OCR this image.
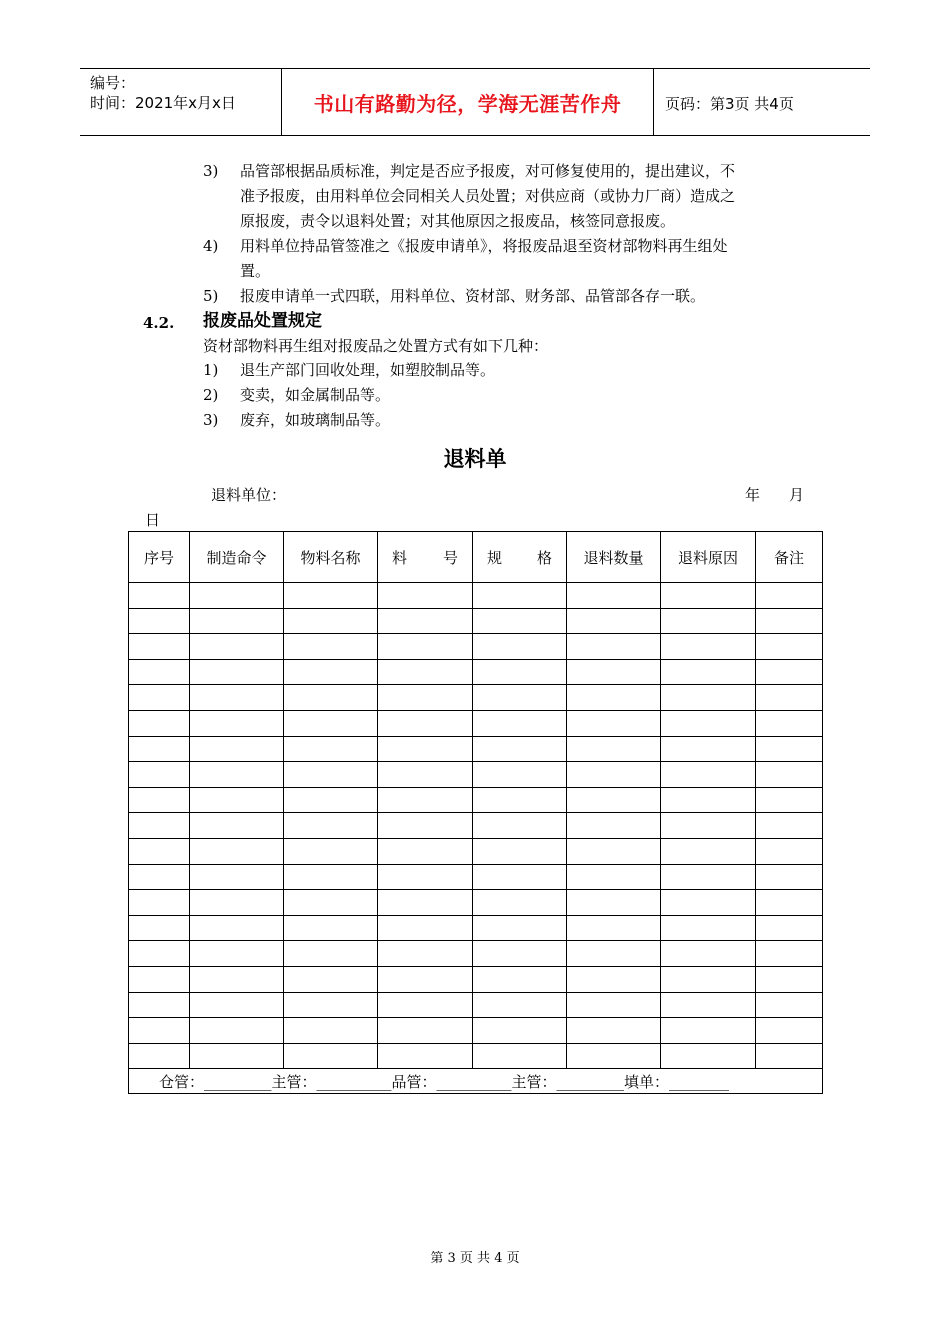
编号：
时间：2021年x月x日	书山有路勤为径，学海无涯苦作舟	页码：第3页 共4页
3) 品管部根据品质标准，判定是否应予报废，对可修复使用的，提出建议，不
准予报废，由用料单位会同相关人员处置；对供应商（或协力厂商）造成之
原报废，责令以退料处置；对其他原因之报废品，核签同意报废。
4) 用料单位持品管签准之《报废申请单》，将报废品退至资材部物料再生组处
置。
5) 报废申请单一式四联，用料单位、资材部、财务部、品管部各存一联。
4.2. 报废品处置规定
资材部物料再生组对报废品之处置方式有如下几种：
1) 退生产部门回收处理，如塑胶制品等。
2) 变卖，如金属制品等。
3) 废弃，如玻璃制品等。
退料单
退料单位：	年 月
日
序号	制造命令	物料名称	料 号	规 格	退料数量	退料原因	备注

仓管：_________主管：__________品管：__________主管：_________填单：________							
第 3 页 共 4 页
